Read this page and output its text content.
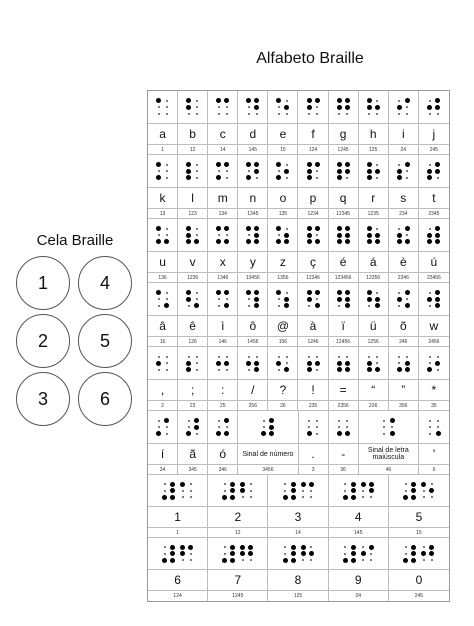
Alfabeto Braille
Cela Braille
1	4
2	5
3	6
a b c d e f g h i j
1	12	14	145	15	124	1245	125	24	245
k l m n o p q r s t
13	123	134	1345	135	1234	12345	1235	234	2345
u v x y z ç é á è ú
136	1236	1346	13456	1356	12346	123456	12356	2346	23456
â ê ì ô @ à ï ü õ w
16	126	146	1456	156	1246	12456	1256	246	2456
, ; : / ? ! = “ ” *
2	23	25	256	26	235	2356	236	356	35
í ã ó Sinal de número . -	Sinal de letra maiúscula	'
34	345	346	3456	3	36	46	6
1	2	3	4	5
1	12	14	145	15
6	7	8	9	0
124	1245	125	24	245
